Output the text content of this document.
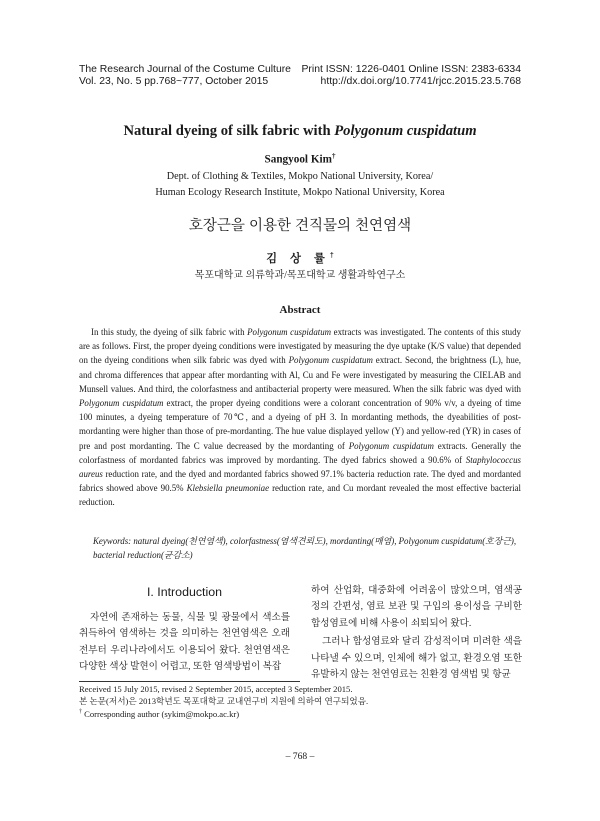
The Research Journal of the Costume Culture Print ISSN: 1226-0401 Online ISSN: 2383-6334
Vol. 23, No. 5 pp.768~777, October 2015	http://dx.doi.org/10.7741/rjcc.2015.23.5.768
Natural dyeing of silk fabric with Polygonum cuspidatum
Sangyool Kim†
Dept. of Clothing & Textiles, Mokpo National University, Korea/
Human Ecology Research Institute, Mokpo National University, Korea
호장근을 이용한 견직물의 천연염색
김 상 률†
목포대학교 의류학과/목포대학교 생활과학연구소
Abstract

In this study, the dyeing of silk fabric with Polygonum cuspidatum extracts was investigated. The contents of this study are as follows. First, the proper dyeing conditions were investigated by measuring the dye uptake (K/S value) that depended on the dyeing conditions when silk fabric was dyed with Polygonum cuspidatum extract. Second, the brightness (L), hue, and chroma differences that appear after mordanting with Al, Cu and Fe were investigated by measuring the CIELAB and Munsell values. And third, the colorfastness and antibacterial property were measured. When the silk fabric was dyed with Polygonum cuspidatum extract, the proper dyeing conditions were a colorant concentration of 90% v/v, a dyeing of time 100 minutes, a dyeing temperature of 70℃, and a dyeing of pH 3. In mordanting methods, the dyeabilities of post-mordanting were higher than those of pre-mordanting. The hue value displayed yellow (Y) and yellow-red (YR) in cases of pre and post mordanting. The C value decreased by the mordanting of Polygonum cuspidatum extracts. Generally the colorfastness of mordanted fabrics was improved by mordanting. The dyed fabrics showed a 90.6% of Staphylococcus aureus reduction rate, and the dyed and mordanted fabrics showed 97.1% bacteria reduction rate. The dyed and mordanted fabrics showed above 90.5% Klebsiella pneumoniae reduction rate, and Cu mordant revealed the most effective bacterial reduction.

Keywords: natural dyeing(천연염색), colorfastness(염색견뢰도), mordanting(매염), Polygonum cuspidatum(호장근), bacterial reduction(균감소)

I. Introduction

자연에 존재하는 동물, 식물 및 광물에서 색소를 취득하여 염색하는 것을 의미하는 천연염색은 오래전부터 우리나라에서도 이용되어 왔다. 천연염색은 다양한 색상 발현이 어렵고, 또한 염색방법이 복잡

하여 산업화, 대중화에 어려움이 많았으며, 염색공정의 간편성, 염료 보관 및 구입의 용이성을 구비한 합성염료에 비해 사용이 쇠퇴되어 왔다.

그러나 합성염료와 달리 감성적이며 미려한 색을 나타낼 수 있으며, 인체에 해가 없고, 환경오염 또한 유발하지 않는 천연염료는 친환경 염색법 및 항균

Received 15 July 2015, revised 2 September 2015, accepted 3 September 2015.
본 논문(저서)은 2013학년도 목포대학교 교내연구비 지원에 의하여 연구되었음.
† Corresponding author (sykim@mokpo.ac.kr)
– 768 –
